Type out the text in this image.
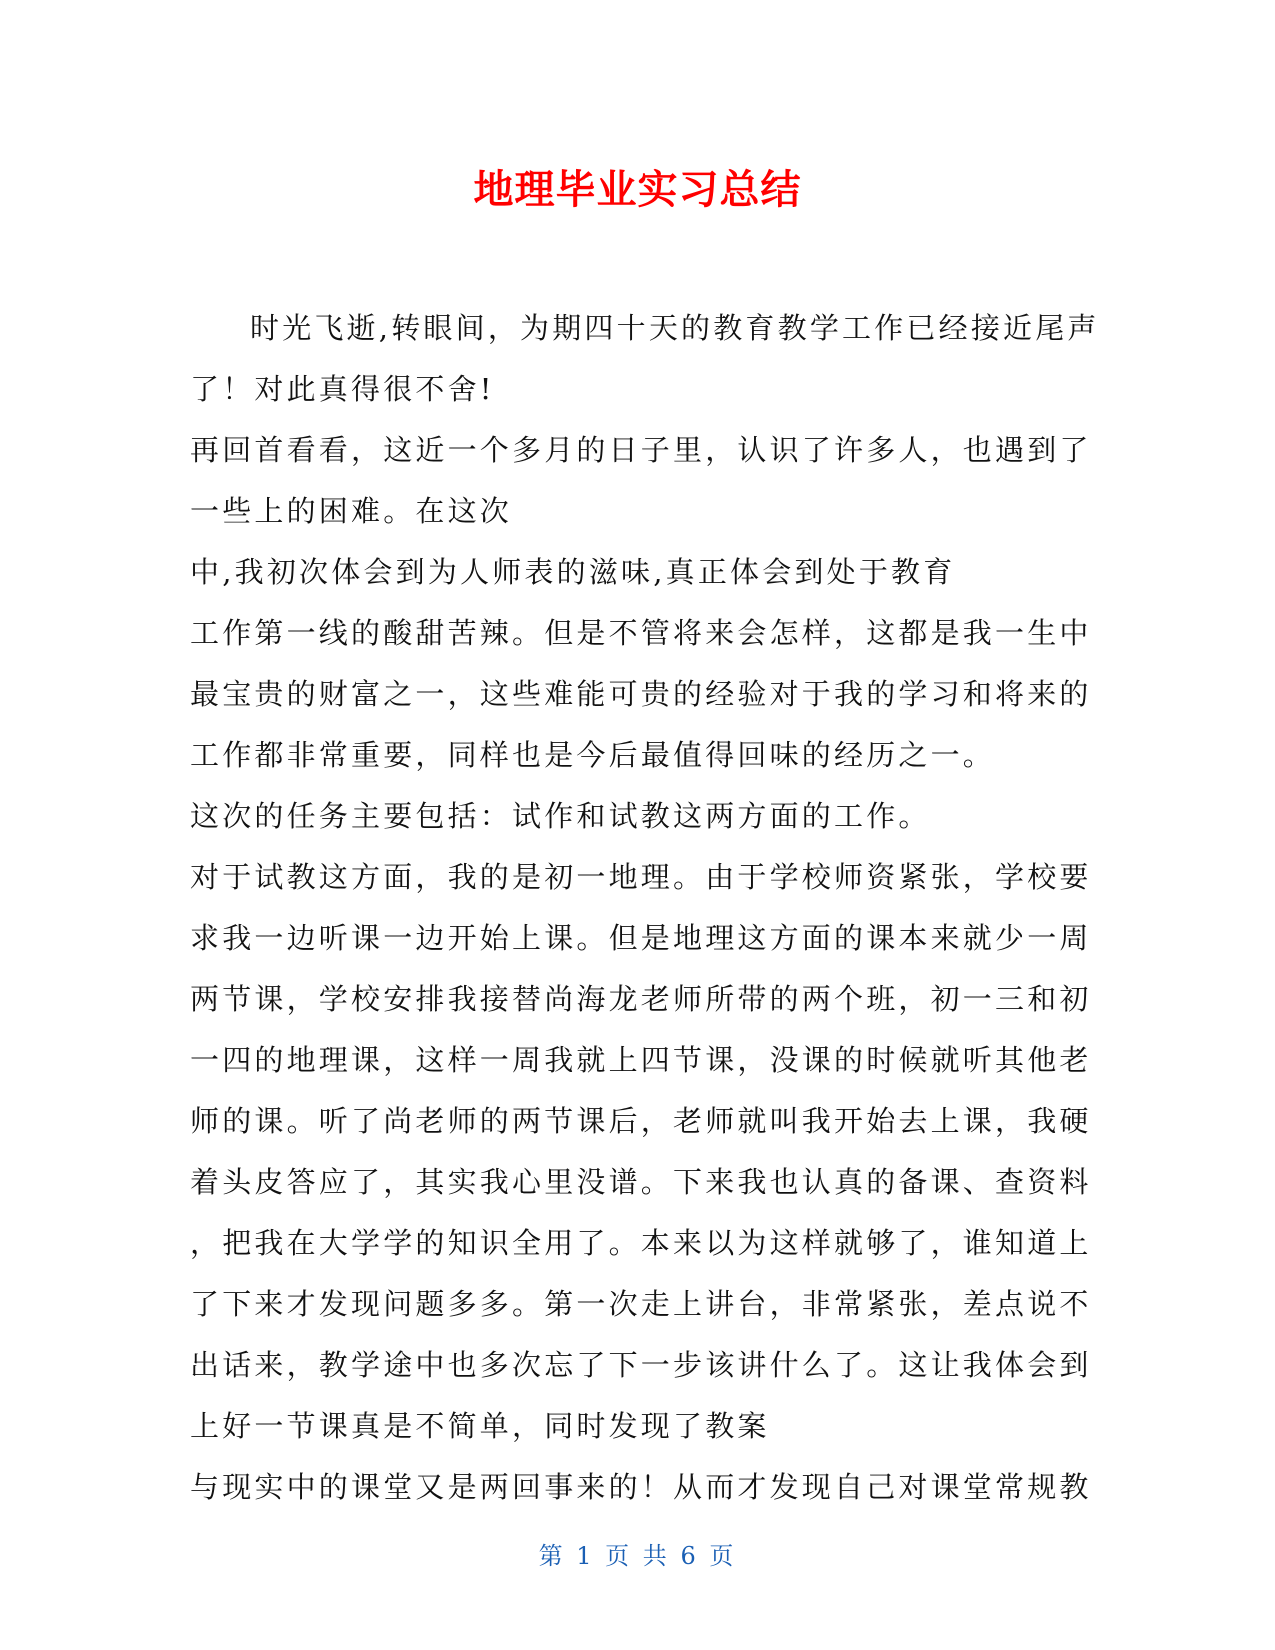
地理毕业实习总结
时光飞逝,转眼间，为期四十天的教育教学工作已经接近尾声
了！对此真得很不舍!
再回首看看，这近一个多月的日子里，认识了许多人，也遇到了
一些上的困难。在这次
中,我初次体会到为人师表的滋味,真正体会到处于教育
工作第一线的酸甜苦辣。但是不管将来会怎样，这都是我一生中
最宝贵的财富之一，这些难能可贵的经验对于我的学习和将来的
工作都非常重要，同样也是今后最值得回味的经历之一。
这次的任务主要包括：试作和试教这两方面的工作。
对于试教这方面，我的是初一地理。由于学校师资紧张，学校要
求我一边听课一边开始上课。但是地理这方面的课本来就少一周
两节课，学校安排我接替尚海龙老师所带的两个班，初一三和初
一四的地理课，这样一周我就上四节课，没课的时候就听其他老
师的课。听了尚老师的两节课后，老师就叫我开始去上课，我硬
着头皮答应了，其实我心里没谱。下来我也认真的备课、查资料
，把我在大学学的知识全用了。本来以为这样就够了，谁知道上
了下来才发现问题多多。第一次走上讲台，非常紧张，差点说不
出话来，教学途中也多次忘了下一步该讲什么了。这让我体会到
上好一节课真是不简单，同时发现了教案
与现实中的课堂又是两回事来的！从而才发现自己对课堂常规教
第 1 页 共 6 页
